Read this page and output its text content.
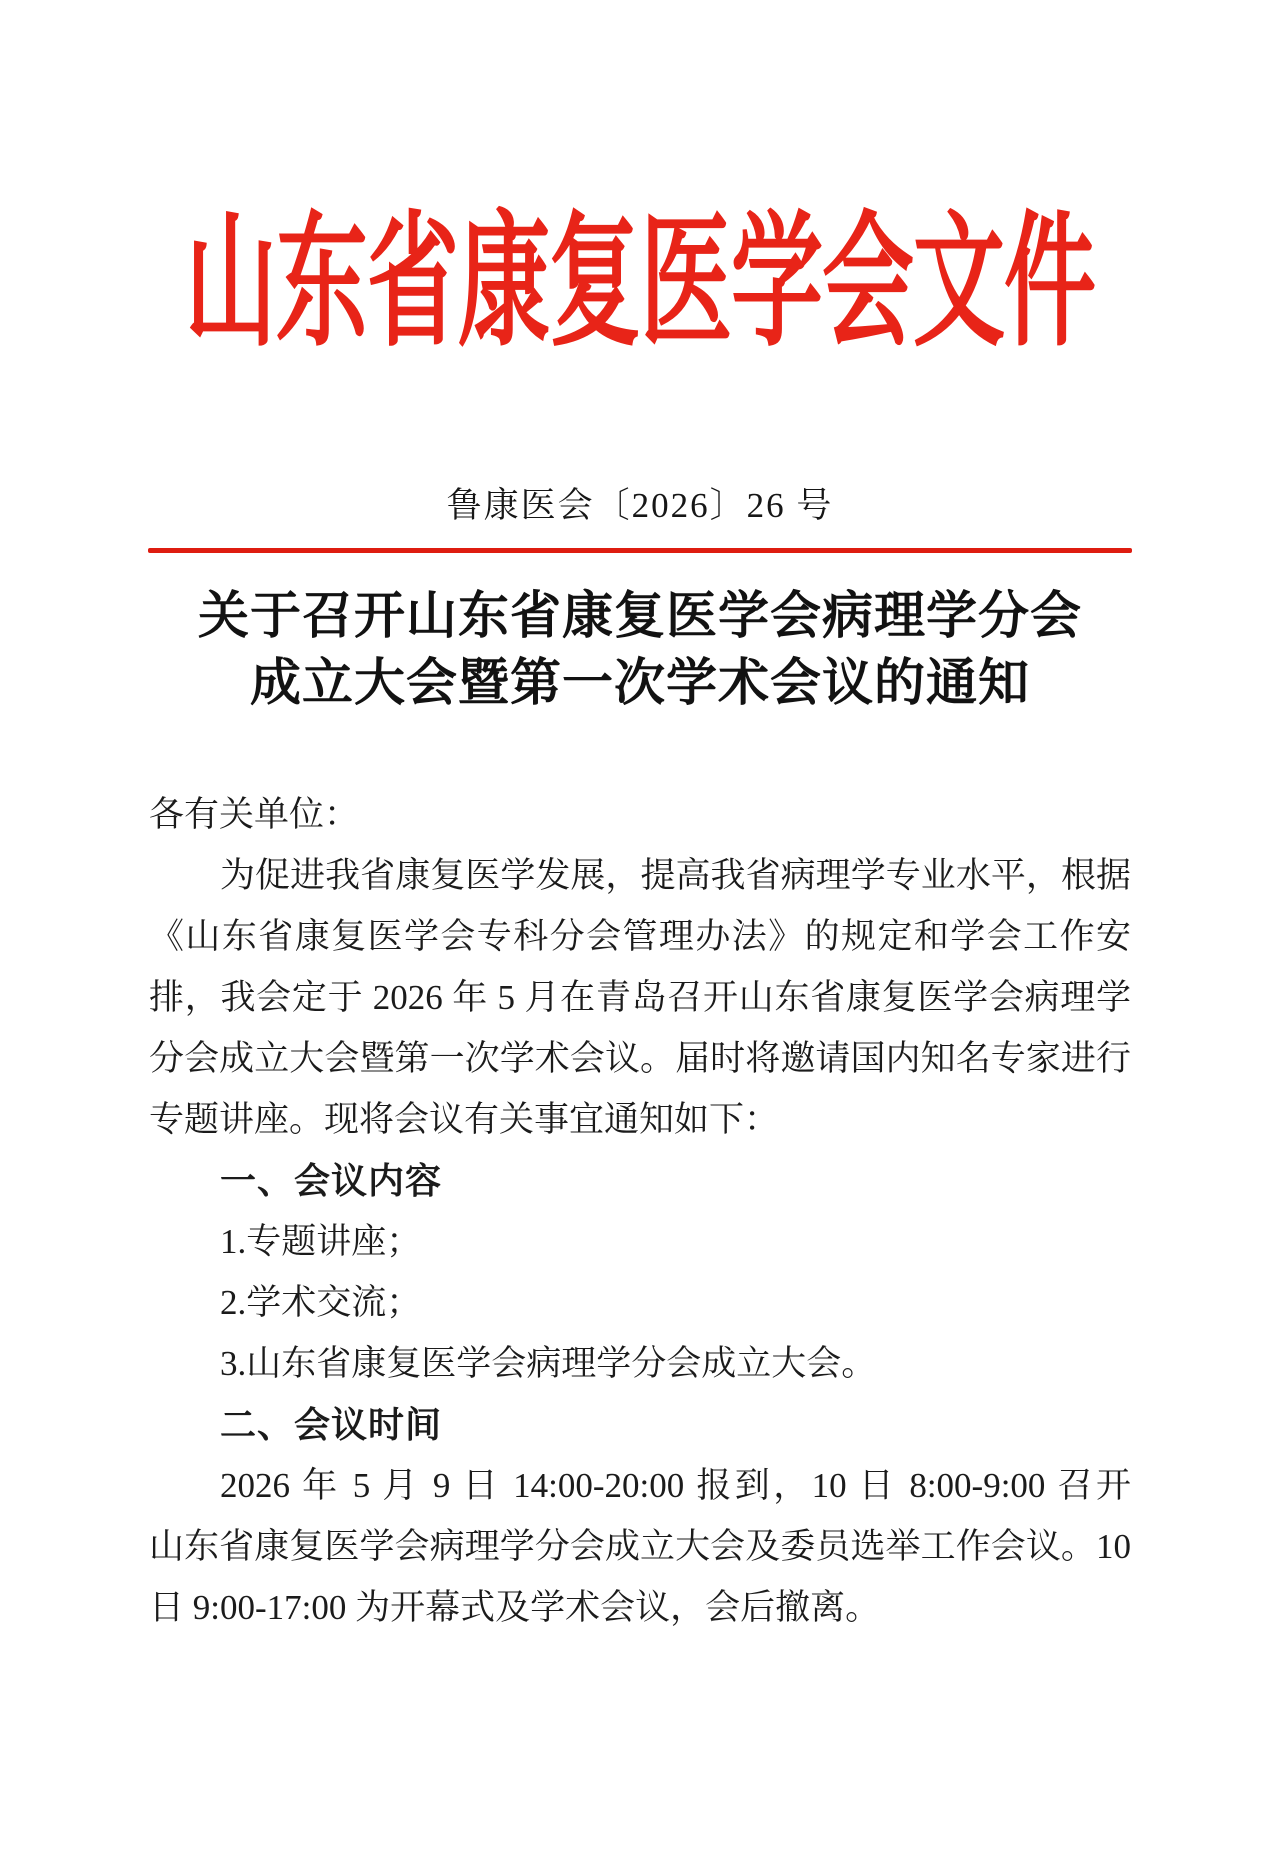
山东省康复医学会文件
鲁康医会〔2026〕26 号
关于召开山东省康复医学会病理学分会
成立大会暨第一次学术会议的通知
各有关单位：
为促进我省康复医学发展，提高我省病理学专业水平，根据
《山东省康复医学会专科分会管理办法》的规定和学会工作安
排，我会定于 2026 年 5 月在青岛召开山东省康复医学会病理学
分会成立大会暨第一次学术会议。届时将邀请国内知名专家进行
专题讲座。现将会议有关事宜通知如下：
一、会议内容
1.专题讲座；
2.学术交流；
3.山东省康复医学会病理学分会成立大会。
二、会议时间
2026 年 5 月 9 日 14:00-20:00 报到，10 日 8:00-9:00 召开
山东省康复医学会病理学分会成立大会及委员选举工作会议。10
日 9:00-17:00 为开幕式及学术会议，会后撤离。
